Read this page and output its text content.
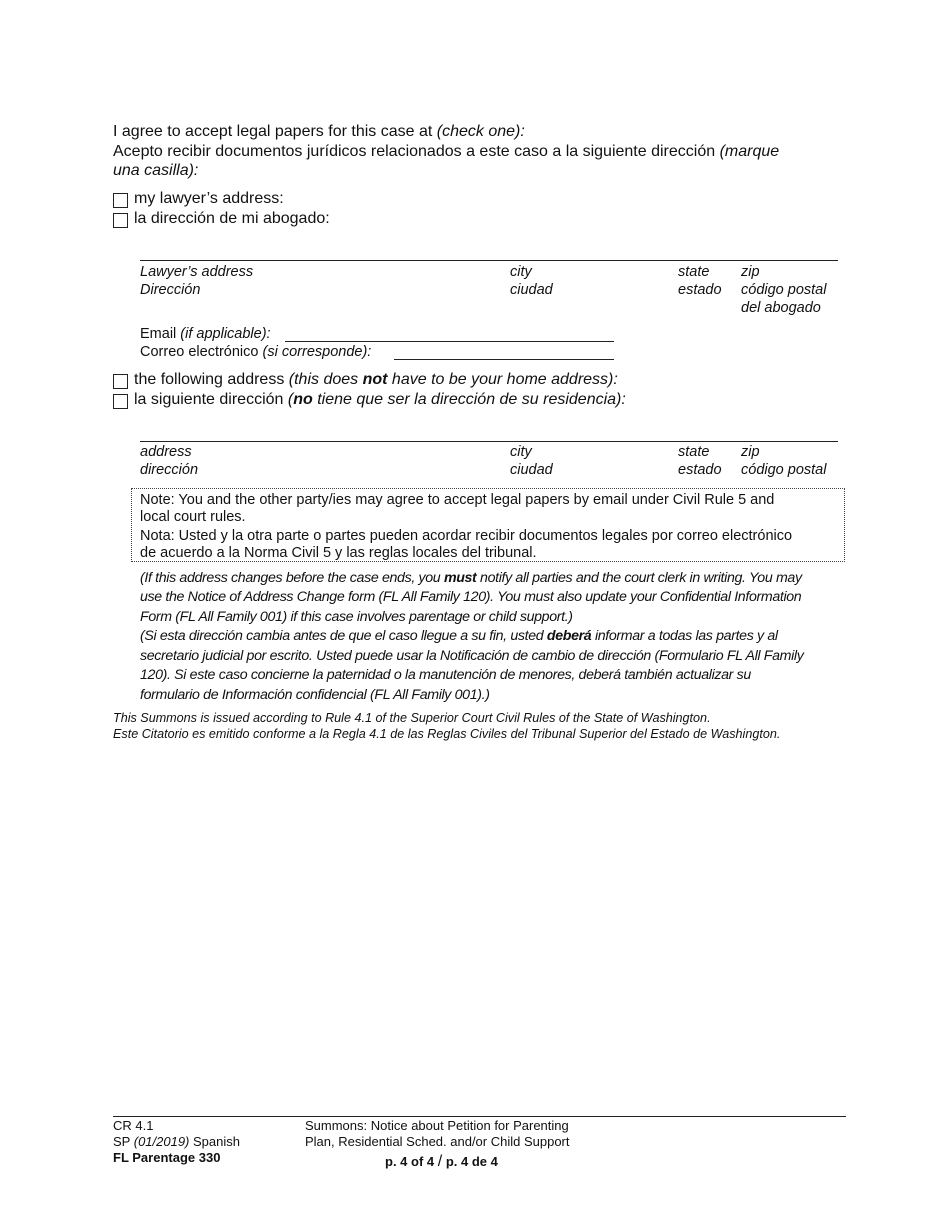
I agree to accept legal papers for this case at (check one):
Acepto recibir documentos jurídicos relacionados a este caso a la siguiente dirección (marque
una casilla):
my lawyer’s address:
la dirección de mi abogado:
Lawyer’s address
Dirección
city
ciudad
state
estado
zip
código postal
del abogado
Email (if applicable):
Correo electrónico (si corresponde):
the following address (this does not have to be your home address):
la siguiente dirección (no tiene que ser la dirección de su residencia):
address
dirección
city
ciudad
state
estado
zip
código postal

Note: You and the other party/ies may agree to accept legal papers by email under Civil Rule 5 and

local court rules.

Nota: Usted y la otra parte o partes pueden acordar recibir documentos legales por correo electrónico

de acuerdo a la Norma Civil 5 y las reglas locales del tribunal.

(If this address changes before the case ends, you must notify all parties and the court clerk in writing. You may
use the Notice of Address Change form (FL All Family 120). You must also update your Confidential Information
Form (FL All Family 001) if this case involves parentage or child support.)
(Si esta dirección cambia antes de que el caso llegue a su fin, usted deberá informar a todas las partes y al
secretario judicial por escrito. Usted puede usar la Notificación de cambio de dirección (Formulario FL All Family
120). Si este caso concierne la paternidad o la manutención de menores, deberá también actualizar su
formulario de Información confidencial (FL All Family 001).)
This Summons is issued according to Rule 4.1 of the Superior Court Civil Rules of the State of Washington.
Este Citatorio es emitido conforme a la Regla 4.1 de las Reglas Civiles del Tribunal Superior del Estado de Washington.
CR 4.1
SP (01/2019) Spanish
FL Parentage 330
Summons: Notice about Petition for Parenting
Plan, Residential Sched. and/or Child Support
p. 4 of 4 / p. 4 de 4
